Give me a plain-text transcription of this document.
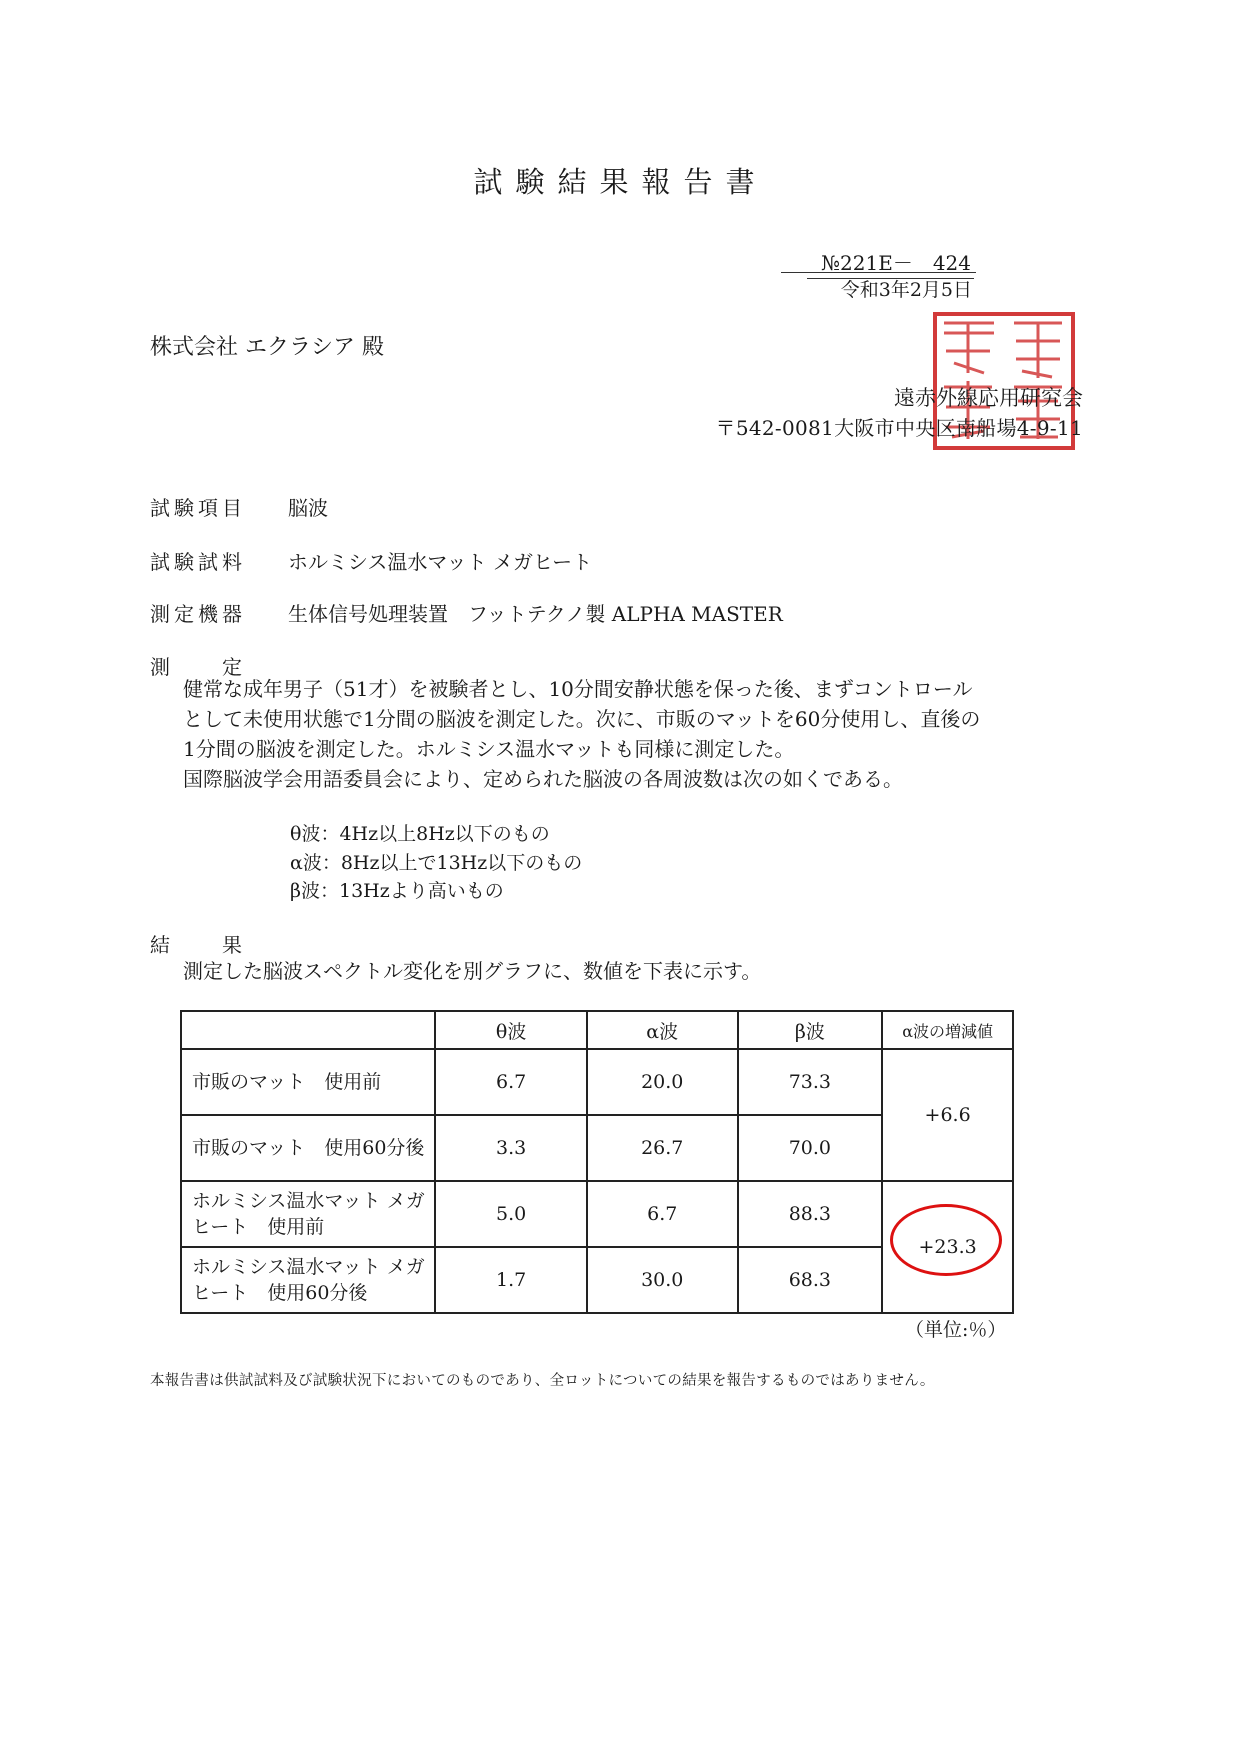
試験結果報告書
№221E－　424
令和3年2月5日
株式会社 エクラシア 殿
遠赤外線応用研究会
〒542-0081大阪市中央区南船場4-9-11
試験項目 脳波
試験試料 ホルミシス温水マット メガヒート
測定機器 生体信号処理装置　フットテクノ製 ALPHA MASTER
測　　定
健常な成年男子（51才）を被験者とし、10分間安静状態を保った後、まずコントロール
として未使用状態で1分間の脳波を測定した。次に、市販のマットを60分使用し、直後の
1分間の脳波を測定した。ホルミシス温水マットも同様に測定した。
国際脳波学会用語委員会により、定められた脳波の各周波数は次の如くである。
θ波：4Hz以上8Hz以下のもの
α波：8Hz以上で13Hz以下のもの
β波：13Hzより高いもの
結　　果
測定した脳波スペクトル変化を別グラフに、数値を下表に示す。
	θ波	α波	β波	α波の増減値
市販のマット　使用前	6.7	20.0	73.3	+6.6
市販のマット　使用60分後	3.3	26.7	70.0	
ホルミシス温水マット メガヒート　使用前	5.0	6.7	88.3	+23.3
ホルミシス温水マット メガヒート　使用60分後	1.7	30.0	68.3	
（単位:％）
本報告書は供試試料及び試験状況下においてのものであり、全ロットについての結果を報告するものではありません。
